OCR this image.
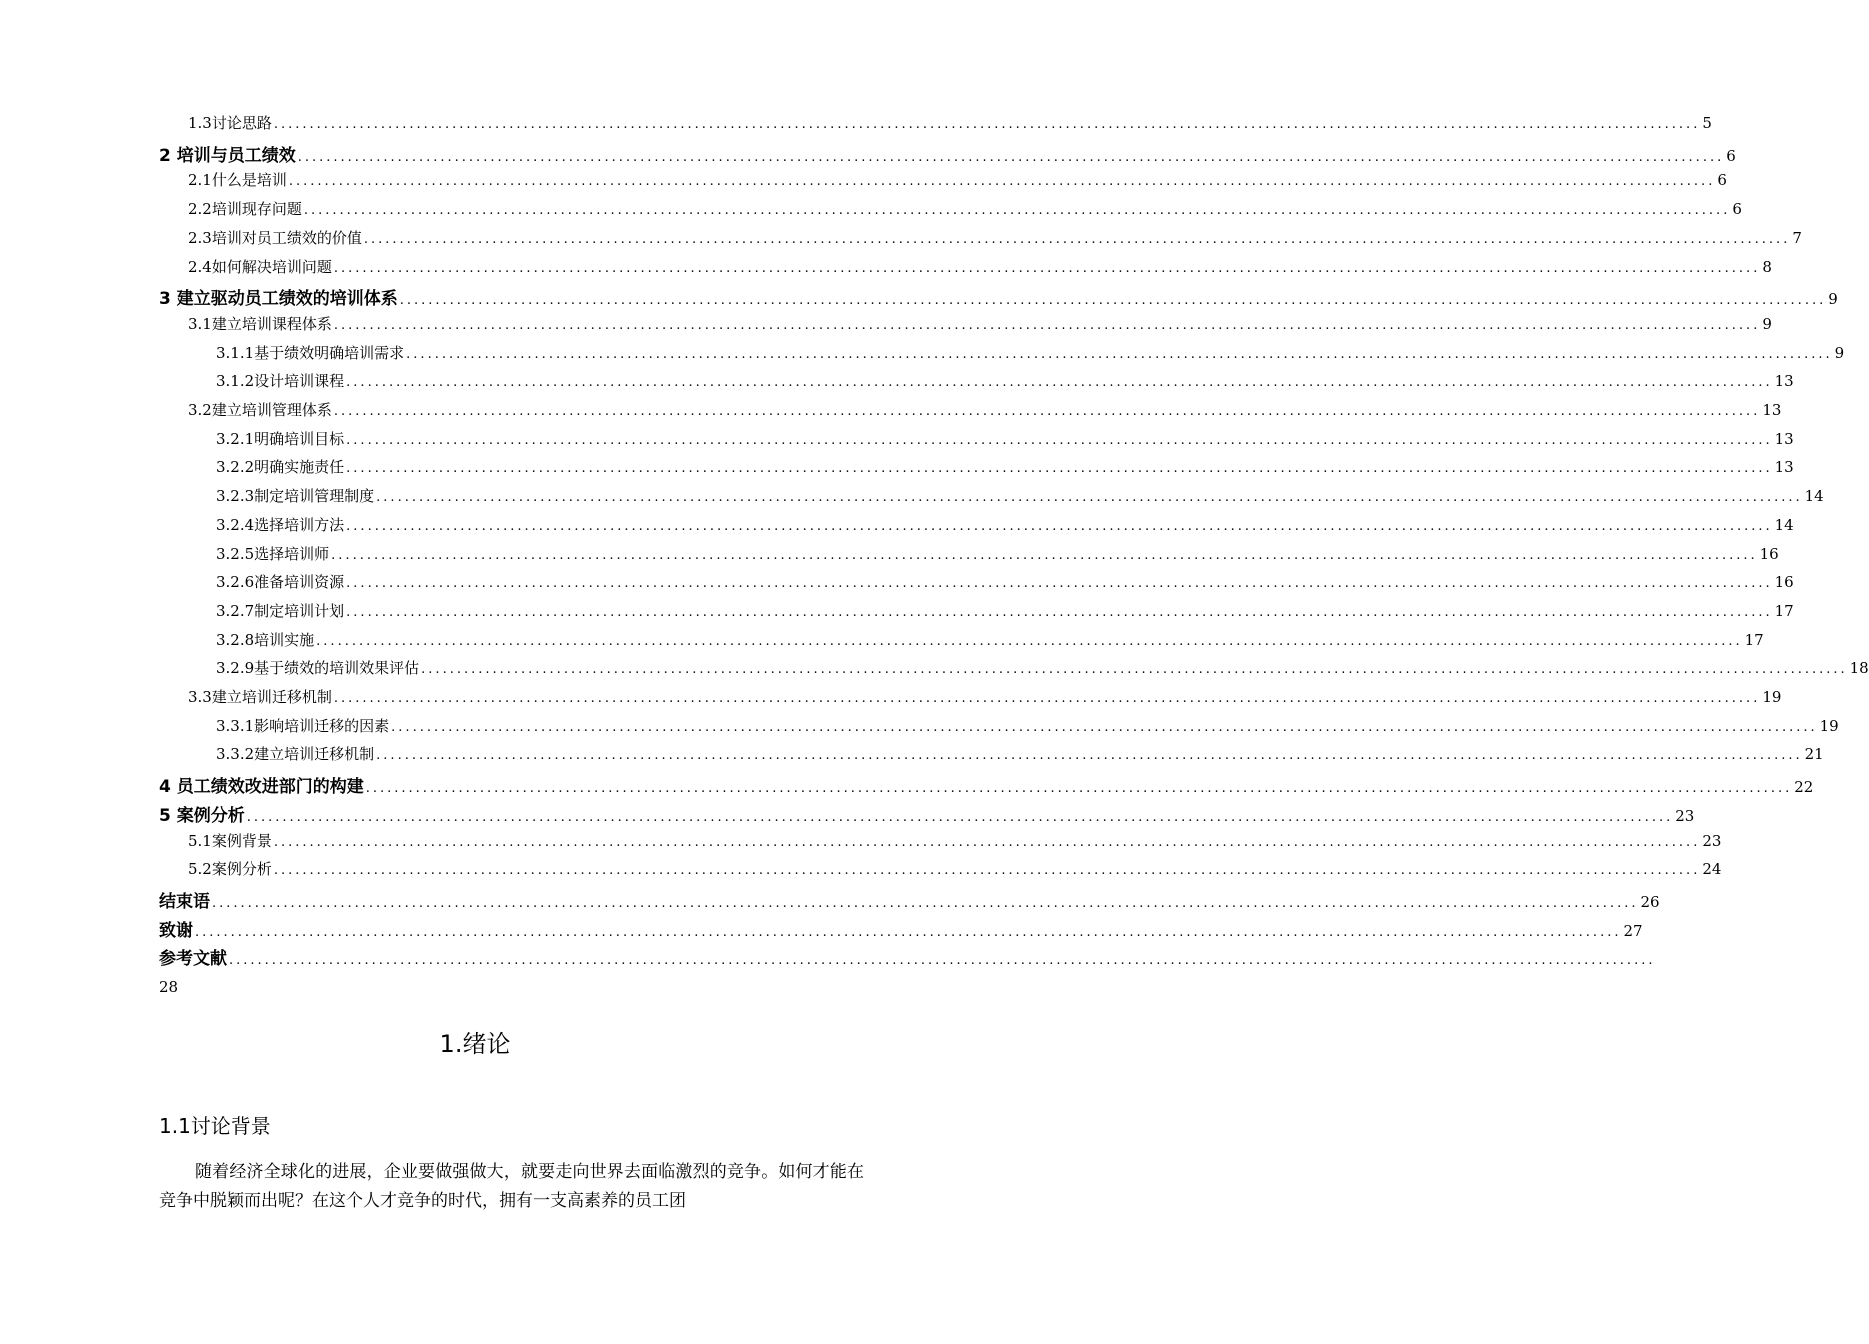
1.3讨论思路 ........................................................................................................................................................................................................ 5
2 培训与员工绩效 ........................................................................................................................................................................................................ 6
2.1什么是培训 ........................................................................................................................................................................................................ 6
2.2培训现存问题 ........................................................................................................................................................................................................ 6
2.3培训对员工绩效的价值 ........................................................................................................................................................................................................ 7
2.4如何解决培训问题 ........................................................................................................................................................................................................ 8
3 建立驱动员工绩效的培训体系 ........................................................................................................................................................................................................ 9
3.1建立培训课程体系 ........................................................................................................................................................................................................ 9
3.1.1基于绩效明确培训需求 ........................................................................................................................................................................................................ 9
3.1.2设计培训课程 ........................................................................................................................................................................................................ 13
3.2建立培训管理体系 ........................................................................................................................................................................................................ 13
3.2.1明确培训目标 ........................................................................................................................................................................................................ 13
3.2.2明确实施责任 ........................................................................................................................................................................................................ 13
3.2.3制定培训管理制度 ........................................................................................................................................................................................................ 14
3.2.4选择培训方法 ........................................................................................................................................................................................................ 14
3.2.5选择培训师 ........................................................................................................................................................................................................ 16
3.2.6准备培训资源 ........................................................................................................................................................................................................ 16
3.2.7制定培训计划 ........................................................................................................................................................................................................ 17
3.2.8培训实施 ........................................................................................................................................................................................................ 17
3.2.9基于绩效的培训效果评估 ........................................................................................................................................................................................................ 18
3.3建立培训迁移机制 ........................................................................................................................................................................................................ 19
3.3.1影响培训迁移的因素 ........................................................................................................................................................................................................ 19
3.3.2建立培训迁移机制 ........................................................................................................................................................................................................ 21
4 员工绩效改进部门的构建 ........................................................................................................................................................................................................ 22
5 案例分析 ........................................................................................................................................................................................................ 23
5.1案例背景 ........................................................................................................................................................................................................ 23
5.2案例分析 ........................................................................................................................................................................................................ 24
结束语 ........................................................................................................................................................................................................ 26
致谢 ........................................................................................................................................................................................................ 27
参考文献 ........................................................................................................................................................................................................
1.绪论
1.1讨论背景
随着经济全球化的进展，企业要做强做大，就要走向世界去面临激烈的竞争。如何才能在竞争中脱颖而出呢？在这个人才竞争的时代，拥有一支高素养的员工团
28
